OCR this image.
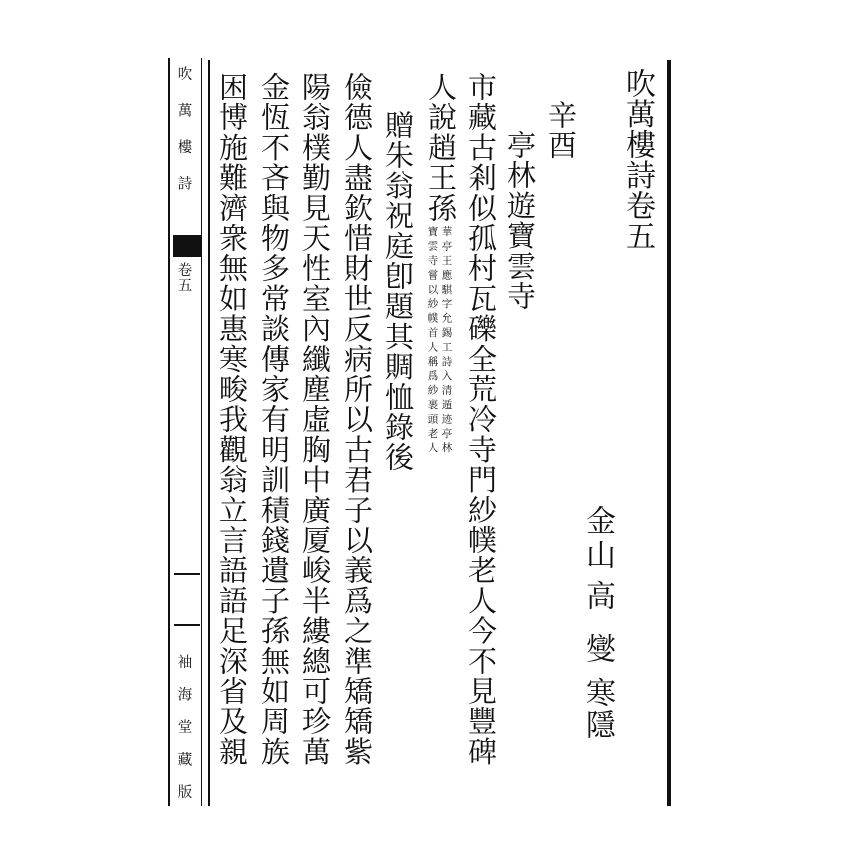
吹萬樓詩
卷五
袖海堂藏版
吹萬樓詩卷五
金山
高
燮
寒隱
辛酉
亭林遊寶雲寺
市藏古剎似孤村瓦礫全荒冷寺門紗幞老人今不見豐碑
人說趙王孫
華亭王應騏字允錫工詩入清遁迹亭林
寶雲寺嘗以紗幞首人稱爲紗裹頭老人
贈朱翁祝庭卽題其賙恤錄後
儉德人盡欽惜財世反病所以古君子以義爲之準矯矯紫
陽翁樸勤見天性室內纖塵虛胸中廣厦峻半縷總可珍萬
金恆不吝與物多常談傳家有明訓積錢遺子孫無如周族
困博施難濟衆無如惠寒畯我觀翁立言語語足深省及親
